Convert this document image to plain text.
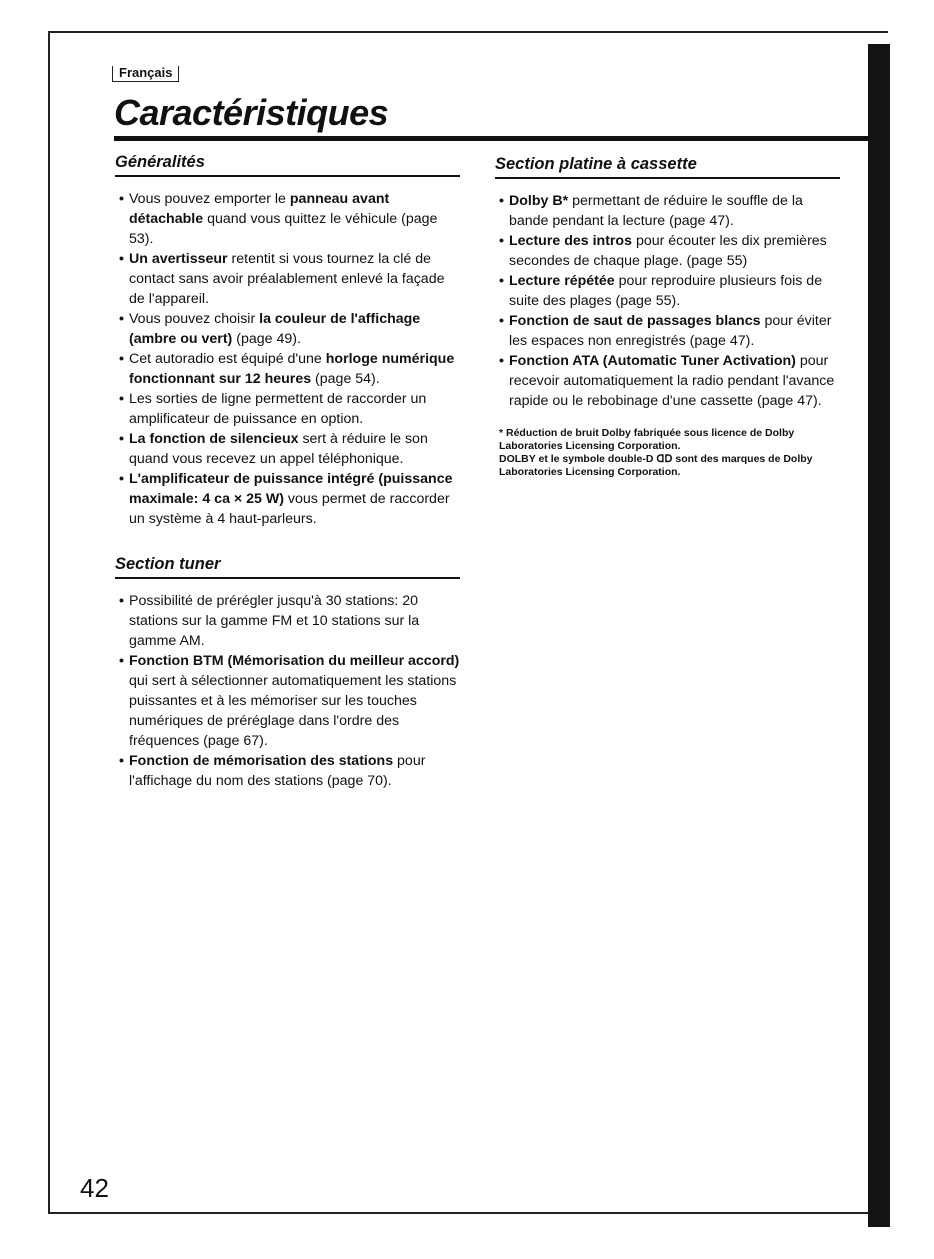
Français
Caractéristiques
Généralités
• Vous pouvez emporter le panneau avant détachable quand vous quittez le véhicule (page 53).
• Un avertisseur retentit si vous tournez la clé de contact sans avoir préalablement enlevé la façade de l'appareil.
• Vous pouvez choisir la couleur de l'affichage (ambre ou vert) (page 49).
• Cet autoradio est équipé d'une horloge numérique fonctionnant sur 12 heures (page 54).
• Les sorties de ligne permettent de raccorder un amplificateur de puissance en option.
• La fonction de silencieux sert à réduire le son quand vous recevez un appel téléphonique.
• L'amplificateur de puissance intégré (puissance maximale: 4 ca × 25 W) vous permet de raccorder un système à 4 haut-parleurs.
Section tuner
• Possibilité de prérégler jusqu'à 30 stations: 20 stations sur la gamme FM et 10 stations sur la gamme AM.
• Fonction BTM (Mémorisation du meilleur accord) qui sert à sélectionner automatiquement les stations puissantes et à les mémoriser sur les touches numériques de préréglage dans l'ordre des fréquences (page 67).
• Fonction de mémorisation des stations pour l'affichage du nom des stations (page 70).
Section platine à cassette
• Dolby B* permettant de réduire le souffle de la bande pendant la lecture (page 47).
• Lecture des intros pour écouter les dix premières secondes de chaque plage. (page 55)
• Lecture répétée pour reproduire plusieurs fois de suite des plages (page 55).
• Fonction de saut de passages blancs pour éviter les espaces non enregistrés (page 47).
• Fonction ATA (Automatic Tuner Activation) pour recevoir automatiquement la radio pendant l'avance rapide ou le rebobinage d'une cassette (page 47).
* Réduction de bruit Dolby fabriquée sous licence de Dolby Laboratories Licensing Corporation.
DOLBY et le symbole double-D ᗡᗞ sont des marques de Dolby Laboratories Licensing Corporation.
42
